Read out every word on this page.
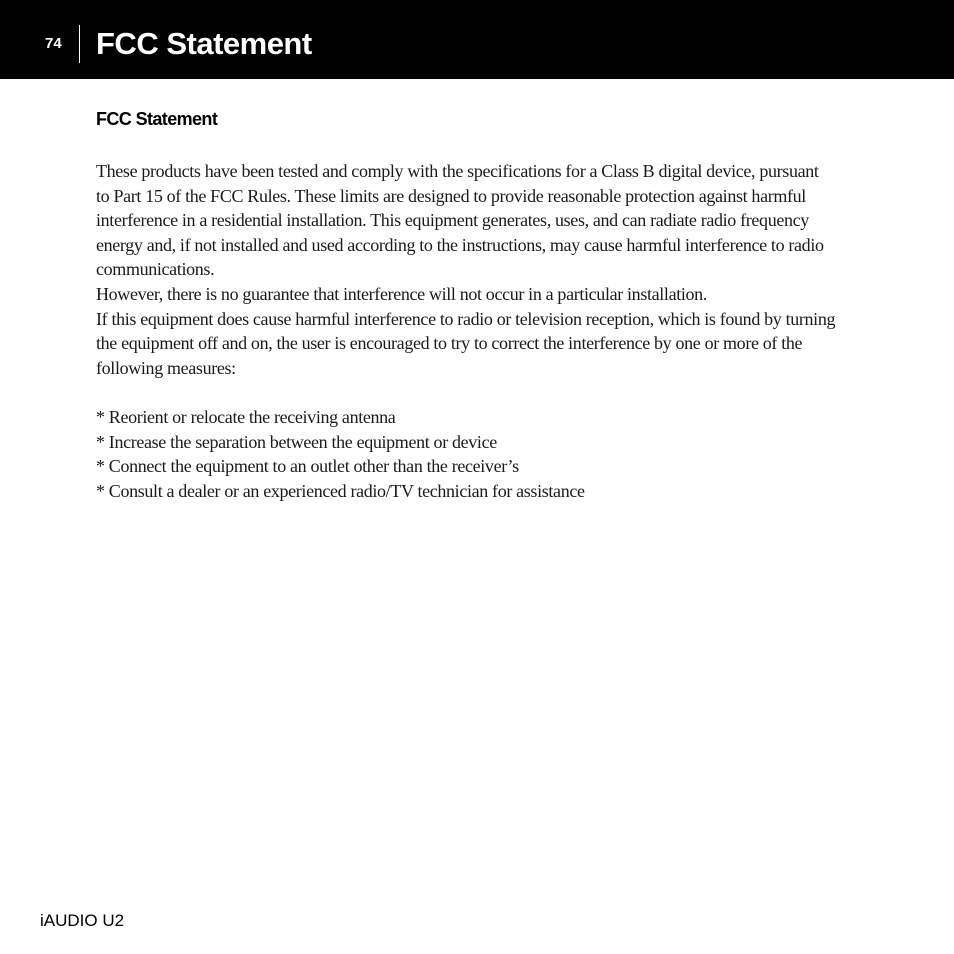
74 FCC Statement
FCC Statement
These products have been tested and comply with the specifications for a Class B digital device, pursuant
to Part 15 of the FCC Rules. These limits are designed to provide reasonable protection against harmful
interference in a residential installation. This equipment generates, uses, and can radiate radio frequency
energy and, if not installed and used according to the instructions, may cause harmful interference to radio
communications.
However, there is no guarantee that interference will not occur in a particular installation.
If this equipment does cause harmful interference to radio or television reception, which is found by turning
the equipment off and on, the user is encouraged to try to correct the interference by one or more of the
following measures:
* Reorient or relocate the receiving antenna
* Increase the separation between the equipment or device
* Connect the equipment to an outlet other than the receiver’s
* Consult a dealer or an experienced radio/TV technician for assistance
iAUDIO U2
